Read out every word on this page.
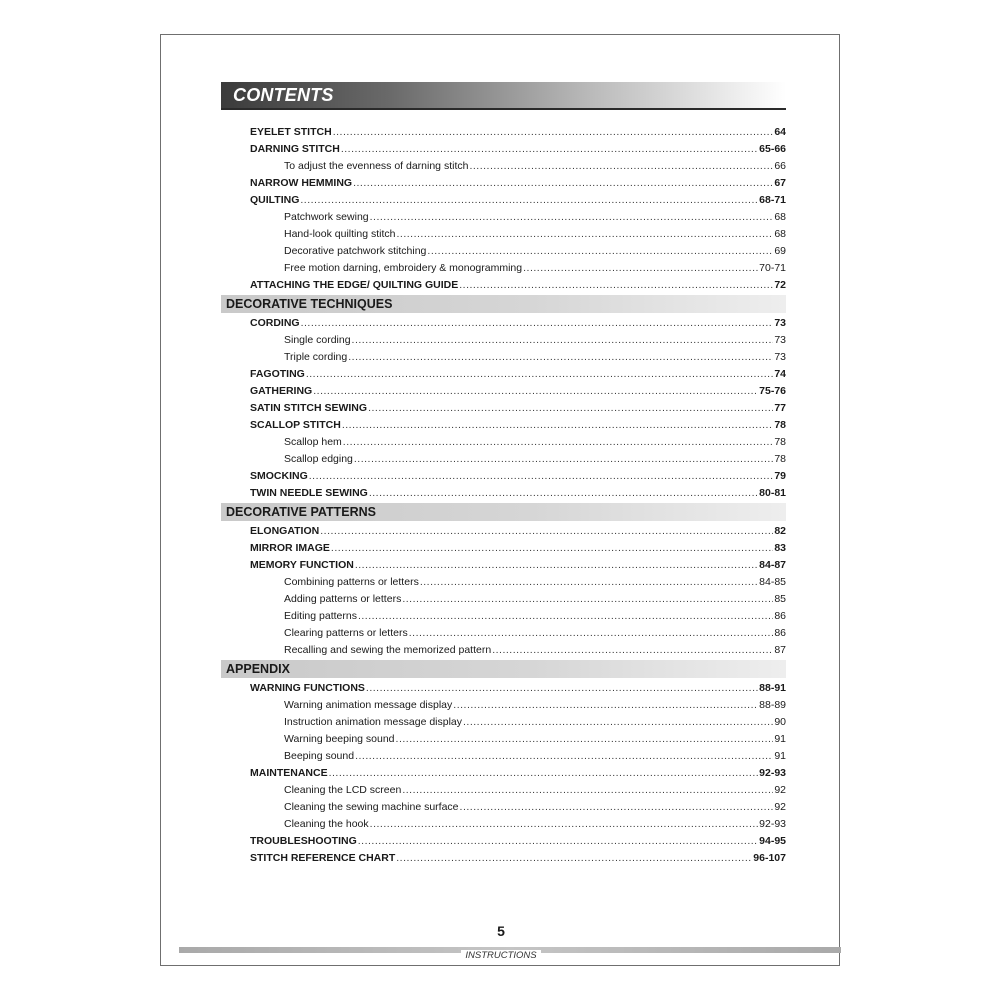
CONTENTS
EYELET STITCH .....	64
DARNING STITCH .....	65-66
To adjust the evenness of darning stitch .....	66
NARROW HEMMING .....	67
QUILTING .....	68-71
Patchwork sewing .....	68
Hand-look quilting stitch .....	68
Decorative patchwork stitching .....	69
Free motion darning, embroidery & monogramming .....	70-71
ATTACHING THE EDGE/ QUILTING GUIDE .....	72
DECORATIVE TECHNIQUES
CORDING .....	73
Single cording .....	73
Triple cording .....	73
FAGOTING .....	74
GATHERING .....	75-76
SATIN STITCH SEWING .....	77
SCALLOP STITCH .....	78
Scallop hem .....	78
Scallop edging .....	78
SMOCKING .....	79
TWIN NEEDLE SEWING .....	80-81
DECORATIVE PATTERNS
ELONGATION .....	82
MIRROR IMAGE .....	83
MEMORY FUNCTION .....	84-87
Combining patterns or letters .....	84-85
Adding patterns or letters .....	85
Editing patterns .....	86
Clearing patterns or letters .....	86
Recalling and sewing the memorized pattern .....	87
APPENDIX
WARNING FUNCTIONS .....	88-91
Warning animation message display .....	88-89
Instruction animation message display .....	90
Warning beeping sound .....	91
Beeping sound .....	91
MAINTENANCE .....	92-93
Cleaning the LCD screen .....	92
Cleaning the sewing machine surface .....	92
Cleaning the hook .....	92-93
TROUBLESHOOTING .....	94-95
STITCH REFERENCE CHART .....	96-107
5
INSTRUCTIONS
